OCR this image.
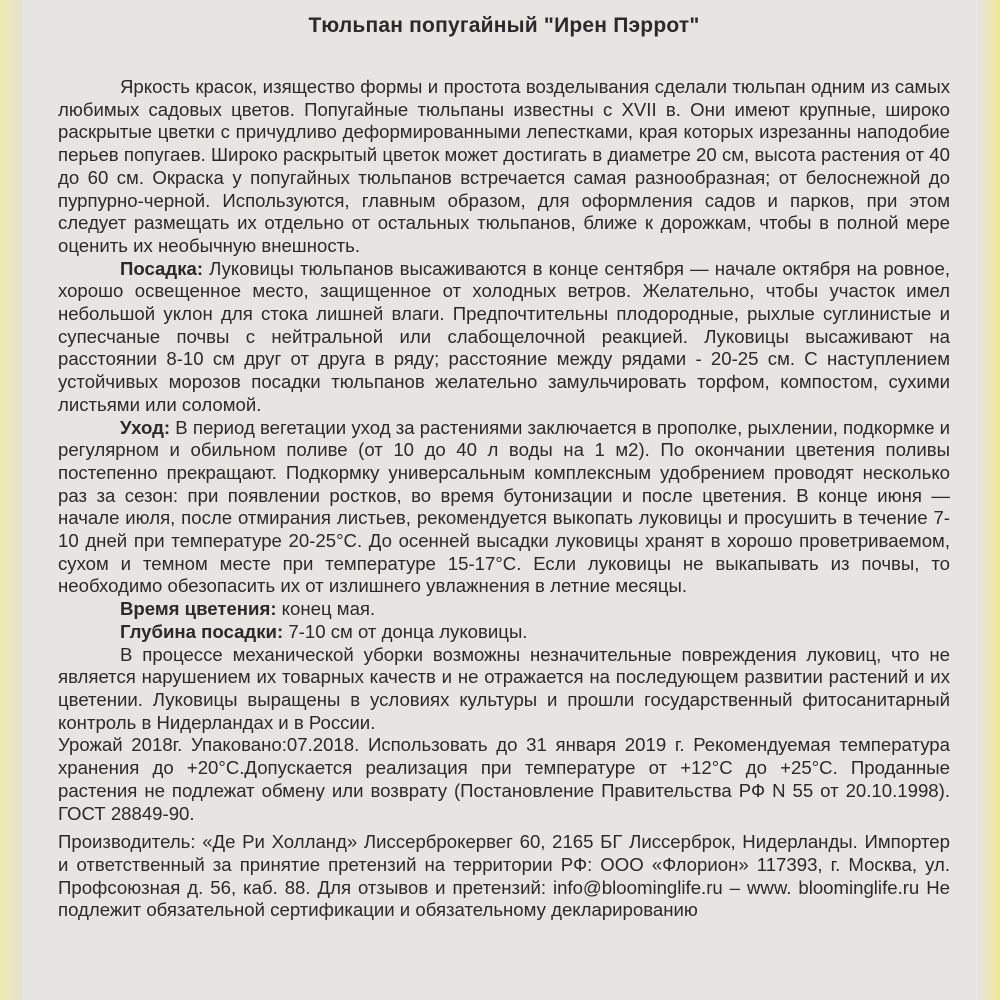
Тюльпан попугайный "Ирен Пэррот"

Яркость красок, изящество формы и простота возделывания сделали тюльпан одним из самых любимых садовых цветов. Попугайные тюльпаны известны с XVII в. Они имеют крупные, широко раскрытые цветки с причудливо деформированными лепестками, края которых изрезанны наподобие перьев попугаев. Широко раскрытый цветок может достигать в диаметре 20 см, высота растения от 40 до 60 см. Окраска у попугайных тюльпанов встречается самая разнообразная; от белоснежной до пурпурно-черной. Используются, главным образом, для оформления садов и парков, при этом следует размещать их отдельно от остальных тюльпанов, ближе к дорожкам, чтобы в полной мере оценить их необычную внешность.

Посадка: Луковицы тюльпанов высаживаются в конце сентября — начале октября на ровное, хорошо освещенное место, защищенное от холодных ветров. Желательно, чтобы участок имел небольшой уклон для стока лишней влаги. Предпочтительны плодородные, рыхлые суглинистые и супесчаные почвы с нейтральной или слабощелочной реакцией. Луковицы высаживают на расстоянии 8-10 см друг от друга в ряду; расстояние между рядами - 20-25 см. С наступлением устойчивых морозов посадки тюльпанов желательно замульчировать торфом, компостом, сухими листьями или соломой.

Уход: В период вегетации уход за растениями заключается в прополке, рыхлении, подкормке и регулярном и обильном поливе (от 10 до 40 л воды на 1 м2). По окончании цветения поливы постепенно прекращают. Подкормку универсальным комплексным удобрением проводят несколько раз за сезон: при появлении ростков, во время бутонизации и после цветения. В конце июня — начале июля, после отмирания листьев, рекомендуется выкопать луковицы и просушить в течение 7-10 дней при температуре 20-25°С. До осенней высадки луковицы хранят в хорошо проветриваемом, сухом и темном месте при температуре 15-17°С. Если луковицы не выкапывать из почвы, то необходимо обезопасить их от излишнего увлажнения в летние месяцы.

Время цветения: конец мая.

Глубина посадки: 7-10 см от донца луковицы.

В процессе механической уборки возможны незначительные повреждения луковиц, что не является нарушением их товарных качеств и не отражается на последующем развитии растений и их цветении. Луковицы выращены в условиях культуры и прошли государственный фитосанитарный контроль в Нидерландах и в России.

Урожай 2018г. Упаковано:07.2018. Использовать до 31 января 2019 г. Рекомендуемая температура хранения до +20°С.Допускается реализация при температуре от +12°С до +25°С. Проданные растения не подлежат обмену или возврату (Постановление Правительства РФ N 55 от 20.10.1998). ГОСТ 28849-90.

Производитель: «Де Ри Холланд» Лиссерброкервег 60, 2165 БГ Лиссерброк, Нидерланды. Импортер и ответственный за принятие претензий на территории РФ: ООО «Флорион» 117393, г. Москва, ул. Профсоюзная д. 56, каб. 88. Для отзывов и претензий: info@bloominglife.ru – www. bloominglife.ru Не подлежит обязательной сертификации и обязательному декларированию
